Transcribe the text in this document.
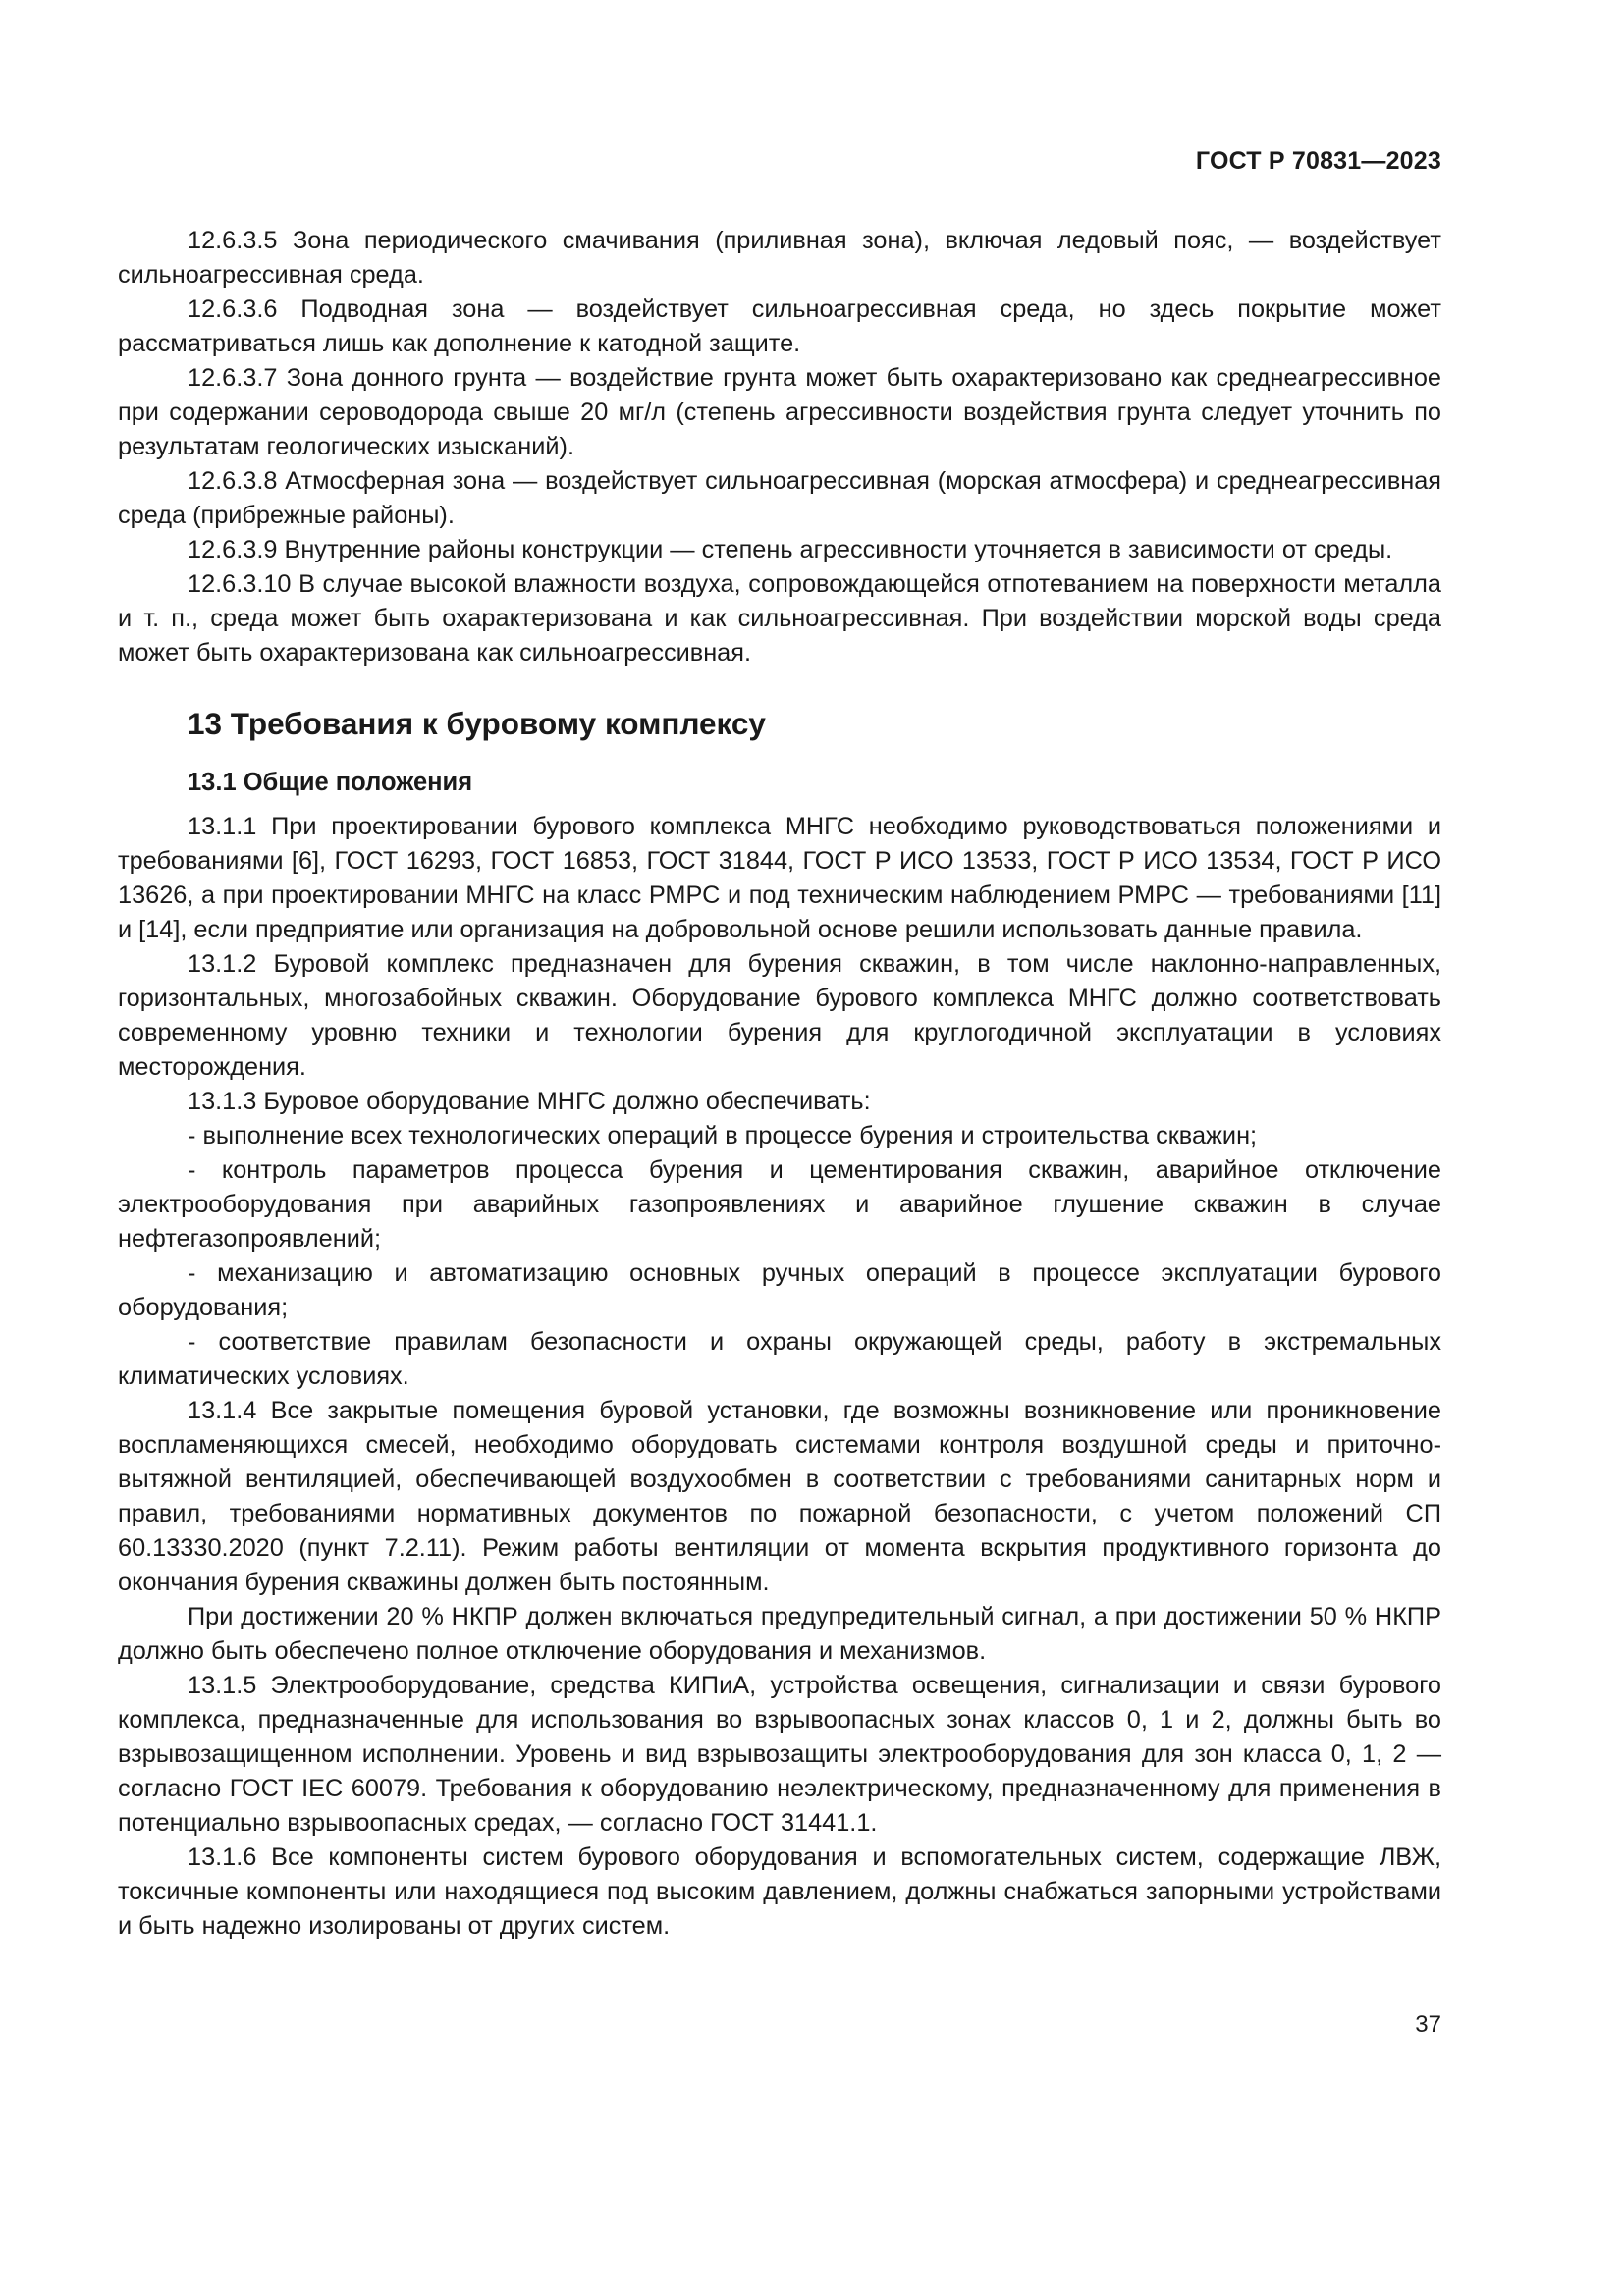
ГОСТ Р 70831—2023

12.6.3.5 Зона периодического смачивания (приливная зона), включая ледовый пояс, — воздействует сильноагрессивная среда.

12.6.3.6 Подводная зона — воздействует сильноагрессивная среда, но здесь покрытие может рассматриваться лишь как дополнение к катодной защите.

12.6.3.7 Зона донного грунта — воздействие грунта может быть охарактеризовано как среднеагрессивное при содержании сероводорода свыше 20 мг/л (степень агрессивности воздействия грунта следует уточнить по результатам геологических изысканий).

12.6.3.8 Атмосферная зона — воздействует сильноагрессивная (морская атмосфера) и среднеагрессивная среда (прибрежные районы).

12.6.3.9 Внутренние районы конструкции — степень агрессивности уточняется в зависимости от среды.

12.6.3.10 В случае высокой влажности воздуха, сопровождающейся отпотеванием на поверхности металла и т. п., среда может быть охарактеризована и как сильноагрессивная. При воздействии морской воды среда может быть охарактеризована как сильноагрессивная.

13 Требования к буровому комплексу
13.1 Общие положения

13.1.1 При проектировании бурового комплекса МНГС необходимо руководствоваться положениями и требованиями [6], ГОСТ 16293, ГОСТ 16853, ГОСТ 31844, ГОСТ Р ИСО 13533, ГОСТ Р ИСО 13534, ГОСТ Р ИСО 13626, а при проектировании МНГС на класс РМРС и под техническим наблюдением РМРС — требованиями [11] и [14], если предприятие или организация на добровольной основе решили использовать данные правила.

13.1.2 Буровой комплекс предназначен для бурения скважин, в том числе наклонно-направленных, горизонтальных, многозабойных скважин. Оборудование бурового комплекса МНГС должно соответствовать современному уровню техники и технологии бурения для круглогодичной эксплуатации в условиях месторождения.

13.1.3 Буровое оборудование МНГС должно обеспечивать:

- выполнение всех технологических операций в процессе бурения и строительства скважин;

- контроль параметров процесса бурения и цементирования скважин, аварийное отключение электрооборудования при аварийных газопроявлениях и аварийное глушение скважин в случае нефтегазопроявлений;

- механизацию и автоматизацию основных ручных операций в процессе эксплуатации бурового оборудования;

- соответствие правилам безопасности и охраны окружающей среды, работу в экстремальных климатических условиях.

13.1.4 Все закрытые помещения буровой установки, где возможны возникновение или проникновение воспламеняющихся смесей, необходимо оборудовать системами контроля воздушной среды и приточно-вытяжной вентиляцией, обеспечивающей воздухообмен в соответствии с требованиями санитарных норм и правил, требованиями нормативных документов по пожарной безопасности, с учетом положений СП 60.13330.2020 (пункт 7.2.11). Режим работы вентиляции от момента вскрытия продуктивного горизонта до окончания бурения скважины должен быть постоянным.

При достижении 20 % НКПР должен включаться предупредительный сигнал, а при достижении 50 % НКПР должно быть обеспечено полное отключение оборудования и механизмов.

13.1.5 Электрооборудование, средства КИПиА, устройства освещения, сигнализации и связи бурового комплекса, предназначенные для использования во взрывоопасных зонах классов 0, 1 и 2, должны быть во взрывозащищенном исполнении. Уровень и вид взрывозащиты электрооборудования для зон класса 0, 1, 2 — согласно ГОСТ IEC 60079. Требования к оборудованию неэлектрическому, предназначенному для применения в потенциально взрывоопасных средах, — согласно ГОСТ 31441.1.

13.1.6 Все компоненты систем бурового оборудования и вспомогательных систем, содержащие ЛВЖ, токсичные компоненты или находящиеся под высоким давлением, должны снабжаться запорными устройствами и быть надежно изолированы от других систем.

37
